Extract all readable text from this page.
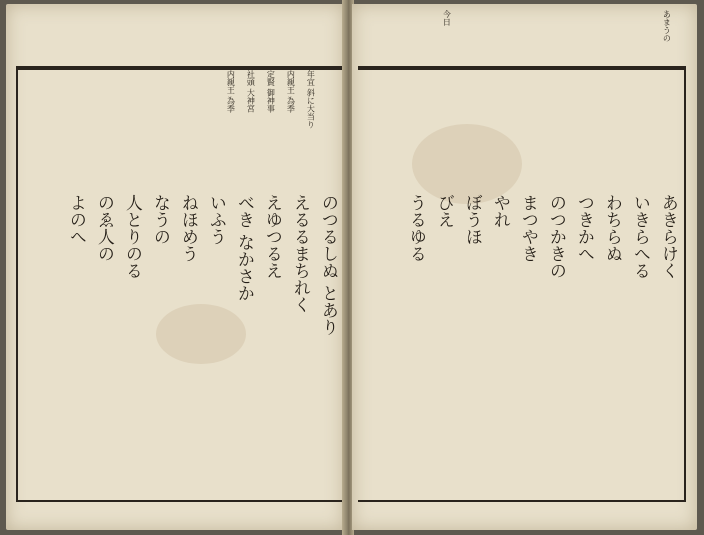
年宜 斜に大当り
内親王 為季
定賢 御神事
社頭 大神宮
内親王 為季
のつるしぬ とあり
えるるまちれく
えゆつるえ
べき なかさか
いふう
ねほめう
なうの
人とりのる
のゑ人の
よのへ
あまうの
今日
あきらけく
いきらへる
わちらぬ
つきかへ
のつかきの
まつやき
やれ
ぼうほ
びえ
うるゆる
